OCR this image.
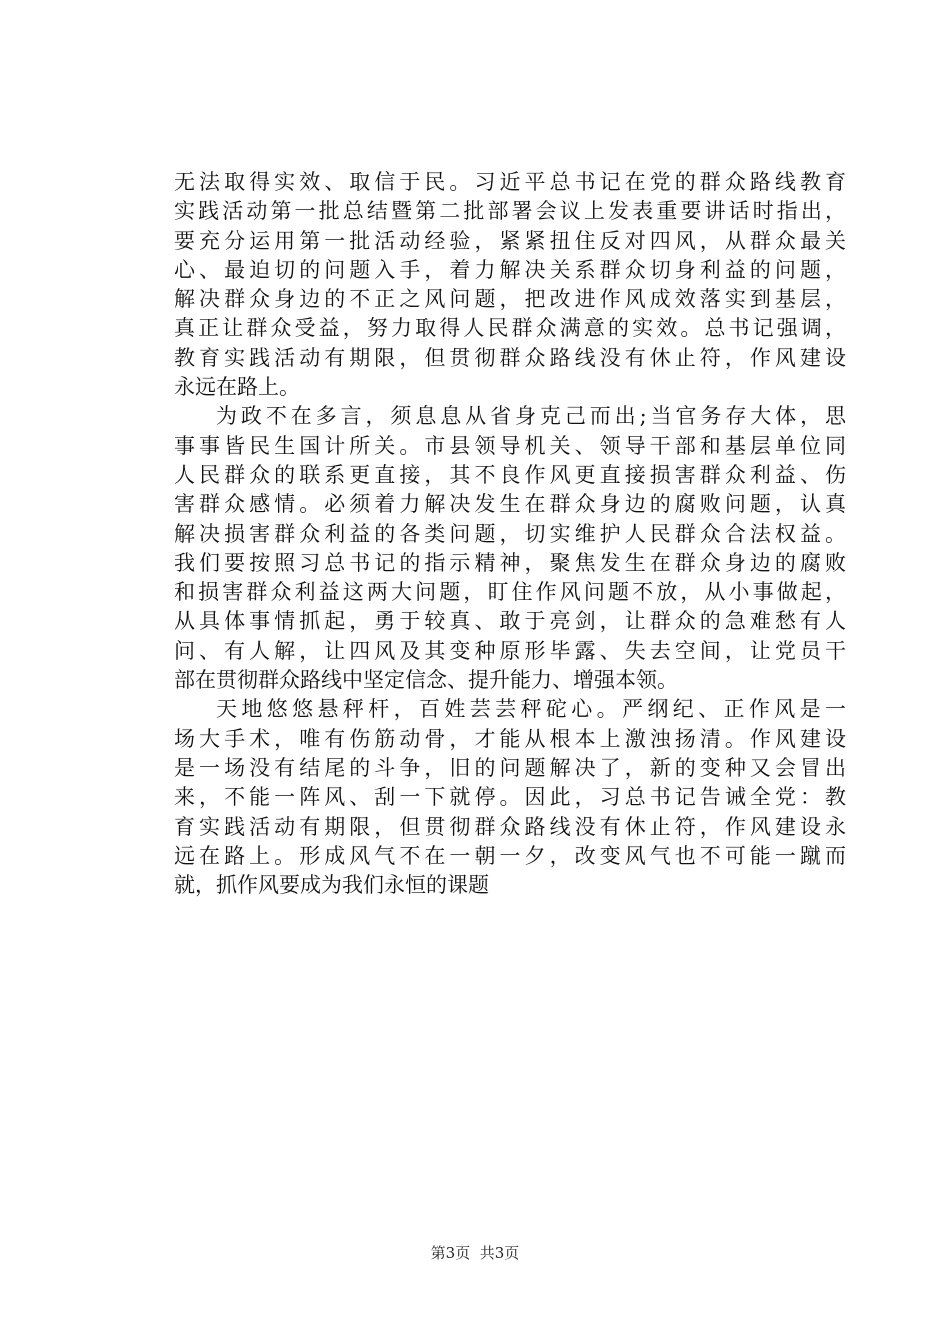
无法取得实效、取信于民。习近平总书记在党的群众路线教育
实践活动第一批总结暨第二批部署会议上发表重要讲话时指出，
要充分运用第一批活动经验，紧紧扭住反对四风，从群众最关
心、最迫切的问题入手，着力解决关系群众切身利益的问题，
解决群众身边的不正之风问题，把改进作风成效落实到基层，
真正让群众受益，努力取得人民群众满意的实效。总书记强调，
教育实践活动有期限，但贯彻群众路线没有休止符，作风建设
永远在路上。
为政不在多言，须息息从省身克己而出;当官务存大体，思
事事皆民生国计所关。市县领导机关、领导干部和基层单位同
人民群众的联系更直接，其不良作风更直接损害群众利益、伤
害群众感情。必须着力解决发生在群众身边的腐败问题，认真
解决损害群众利益的各类问题，切实维护人民群众合法权益。
我们要按照习总书记的指示精神，聚焦发生在群众身边的腐败
和损害群众利益这两大问题，盯住作风问题不放，从小事做起，
从具体事情抓起，勇于较真、敢于亮剑，让群众的急难愁有人
问、有人解，让四风及其变种原形毕露、失去空间，让党员干
部在贯彻群众路线中坚定信念、提升能力、增强本领。
天地悠悠悬秤杆，百姓芸芸秤砣心。严纲纪、正作风是一
场大手术，唯有伤筋动骨，才能从根本上激浊扬清。作风建设
是一场没有结尾的斗争，旧的问题解决了，新的变种又会冒出
来，不能一阵风、刮一下就停。因此，习总书记告诫全党：教
育实践活动有期限，但贯彻群众路线没有休止符，作风建设永
远在路上。形成风气不在一朝一夕，改变风气也不可能一蹴而
就，抓作风要成为我们永恒的课题
第3页 共3页
